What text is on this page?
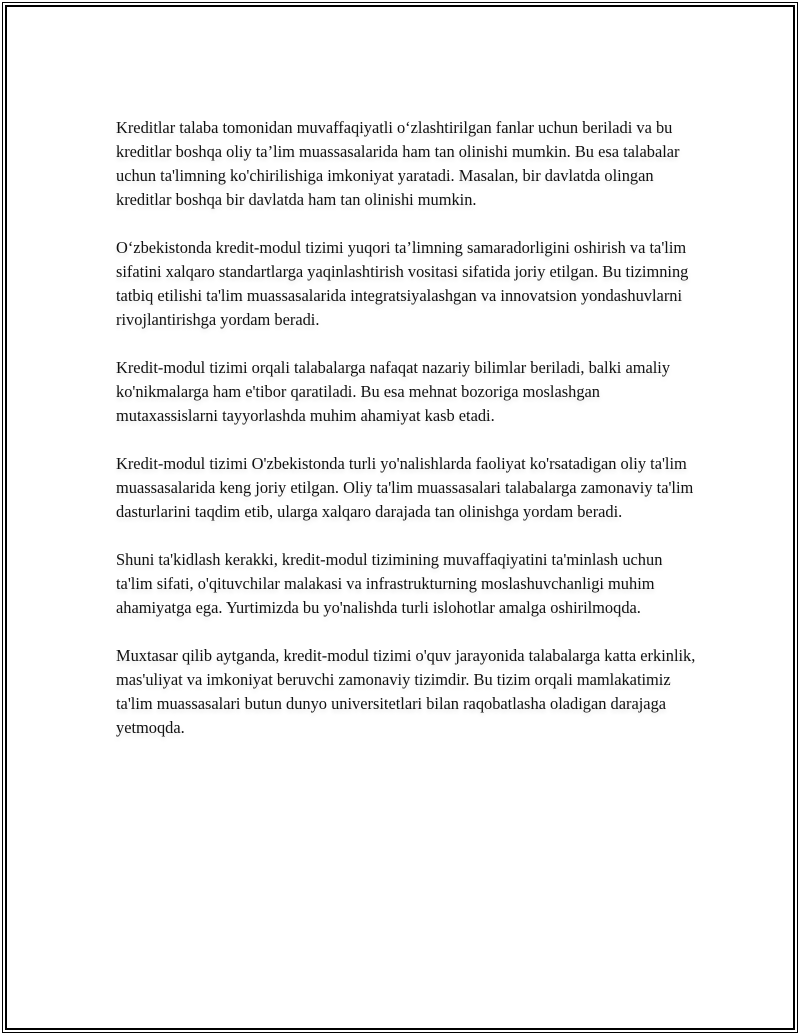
Kreditlar talaba tomonidan muvaffaqiyatli o‘zlashtirilgan fanlar uchun beriladi va bu kreditlar boshqa oliy ta’lim muassasalarida ham tan olinishi mumkin. Bu esa talabalar uchun ta'limning ko'chirilishiga imkoniyat yaratadi. Masalan, bir davlatda olingan kreditlar boshqa bir davlatda ham tan olinishi mumkin.

O‘zbekistonda kredit-modul tizimi yuqori ta’limning samaradorligini oshirish va ta'lim sifatini xalqaro standartlarga yaqinlashtirish vositasi sifatida joriy etilgan. Bu tizimning tatbiq etilishi ta'lim muassasalarida integratsiyalashgan va innovatsion yondashuvlarni rivojlantirishga yordam beradi.

Kredit-modul tizimi orqali talabalarga nafaqat nazariy bilimlar beriladi, balki amaliy ko'nikmalarga ham e'tibor qaratiladi. Bu esa mehnat bozoriga moslashgan mutaxassislarni tayyorlashda muhim ahamiyat kasb etadi.

Kredit-modul tizimi O'zbekistonda turli yo'nalishlarda faoliyat ko'rsatadigan oliy ta'lim muassasalarida keng joriy etilgan. Oliy ta'lim muassasalari talabalarga zamonaviy ta'lim dasturlarini taqdim etib, ularga xalqaro darajada tan olinishga yordam beradi.

Shuni ta'kidlash kerakki, kredit-modul tizimining muvaffaqiyatini ta'minlash uchun ta'lim sifati, o'qituvchilar malakasi va infrastrukturning moslashuvchanligi muhim ahamiyatga ega. Yurtimizda bu yo'nalishda turli islohotlar amalga oshirilmoqda.

Muxtasar qilib aytganda, kredit-modul tizimi o'quv jarayonida talabalarga katta erkinlik, mas'uliyat va imkoniyat beruvchi zamonaviy tizimdir. Bu tizim orqali mamlakatimiz ta'lim muassasalari butun dunyo universitetlari bilan raqobatlasha oladigan darajaga yetmoqda.
